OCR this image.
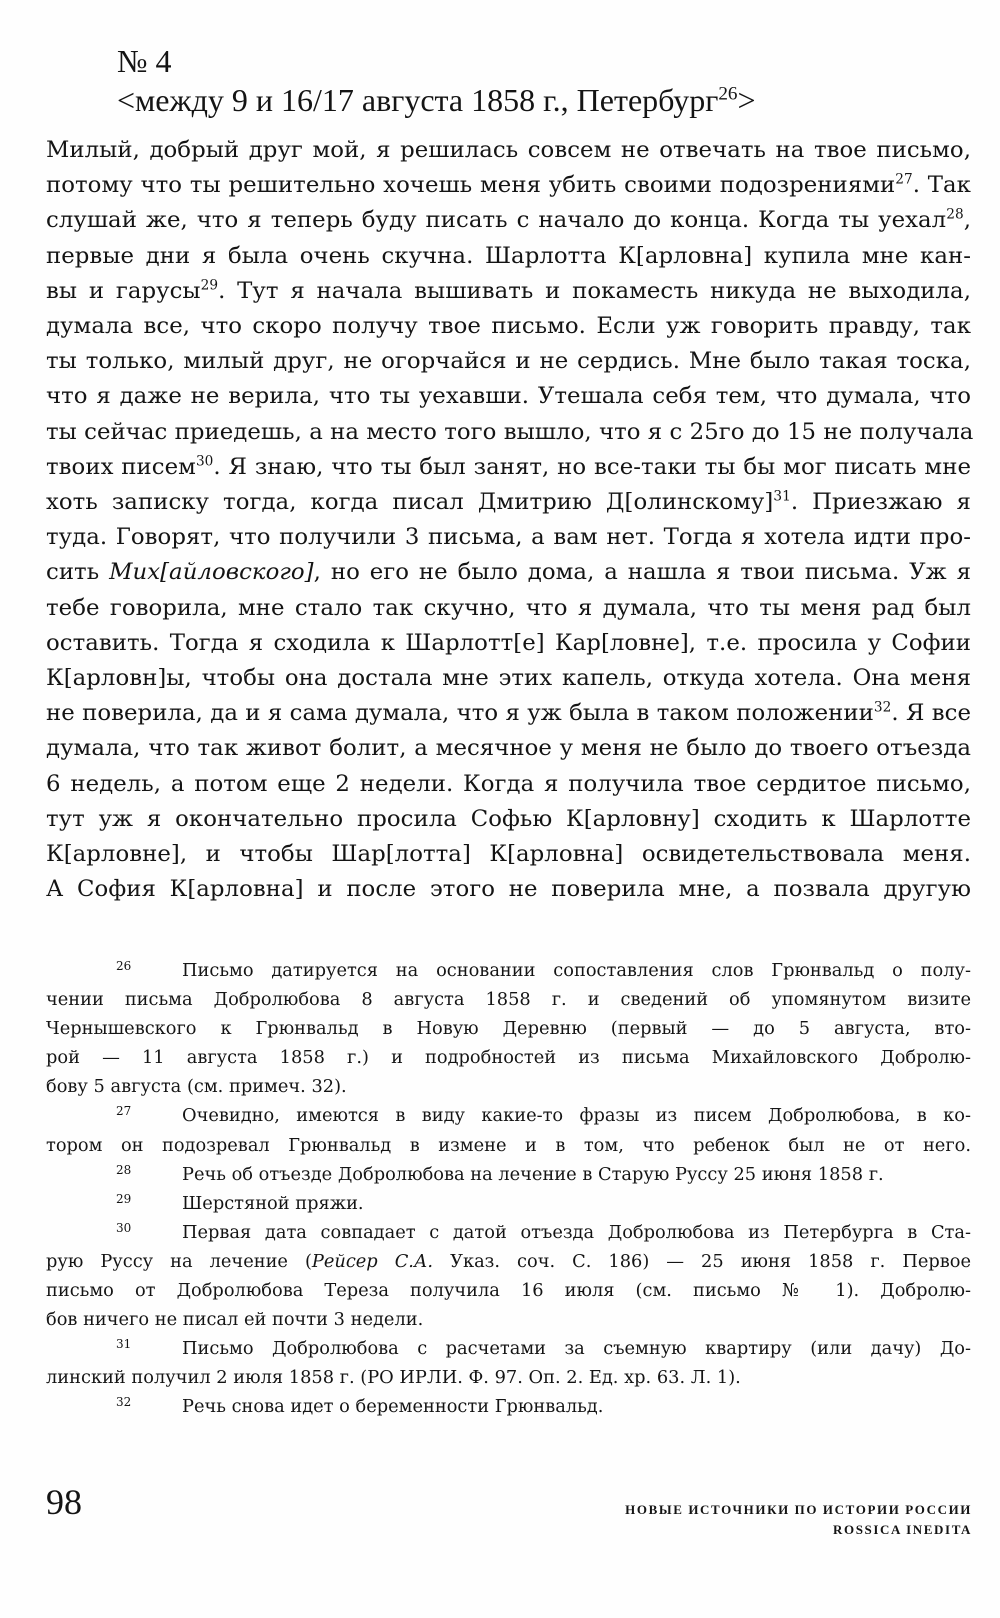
№ 4
<между 9 и 16/17 августа 1858 г., Петербург$^{26}$>
Милый, добрый друг мой, я решилась совсем не отвечать на твое письмо,
потому что ты решительно хочешь меня убить своими подозрениями$^{27}$. Так
слушай же, что я теперь буду писать с начало до конца. Когда ты уехал$^{28}$,
первые дни я была очень скучна. Шарлотта К[арловна] купила мне кан-
вы и гарусы$^{29}$. Тут я начала вышивать и покаместь никуда не выходила,
думала все, что скоро получу твое письмо. Если уж говорить правду, так
ты только, милый друг, не огорчайся и не сердись. Мне было такая тоска,
что я даже не верила, что ты уехавши. Утешала себя тем, что думала, что
ты сейчас приедешь, а на место того вышло, что я с 25го до 15 не получала
твоих писем$^{30}$. Я знаю, что ты был занят, но все-таки ты бы мог писать мне
хоть записку тогда, когда писал Дмитрию Д[олинскому]$^{31}$. Приезжаю я
туда. Говорят, что получили 3 письма, а вам нет. Тогда я хотела идти про-
сить Мих[айловского], но его не было дома, а нашла я твои письма. Уж я
тебе говорила, мне стало так скучно, что я думала, что ты меня рад был
оставить. Тогда я сходила к Шарлотт[е] Кар[ловне], т.е. просила у Софии
К[арловн]ы, чтобы она достала мне этих капель, откуда хотела. Она меня
не поверила, да и я сама думала, что я уж была в таком положении$^{32}$. Я все
думала, что так живот болит, а месячное у меня не было до твоего отъезда
6 недель, а потом еще 2 недели. Когда я получила твое сердитое письмо,
тут уж я окончательно просила Софью К[арловну] сходить к Шарлотте
К[арловне], и чтобы Шар[лотта] К[арловна] освидетельствовала меня.
А София К[арловна] и после этого не поверила мне, а позвала другую
26	Письмо датируется на основании сопоставления слов Грюнвальд о полу-
чении письма Добролюбова 8 августа 1858 г. и сведений об упомянутом визите
Чернышевского к Грюнвальд в Новую Деревню (первый — до 5 августа, вто-
рой — 11 августа 1858 г.) и подробностей из письма Михайловского Добролю-
бову 5 августа (см. примеч. 32).
27	Очевидно, имеются в виду какие-то фразы из писем Добролюбова, в ко-
тором он подозревал Грюнвальд в измене и в том, что ребенок был не от него.
28	Речь об отъезде Добролюбова на лечение в Старую Руссу 25 июня 1858 г.
29	Шерстяной пряжи.
30	Первая дата совпадает с датой отъезда Добролюбова из Петербурга в Ста-
рую Руссу на лечение (Рейсер С.А. Указ. соч. С. 186) — 25 июня 1858 г. Первое
письмо от Добролюбова Тереза получила 16 июля (см. письмо № 1). Добролю-
бов ничего не писал ей почти 3 недели.
31	Письмо Добролюбова с расчетами за съемную квартиру (или дачу) До-
линский получил 2 июля 1858 г. (РО ИРЛИ. Ф. 97. Оп. 2. Ед. хр. 63. Л. 1).
32	Речь снова идет о беременности Грюнвальд.
98	НОВЫЕ ИСТОЧНИКИ ПО ИСТОРИИ РОССИИ
ROSSICA INEDITA
